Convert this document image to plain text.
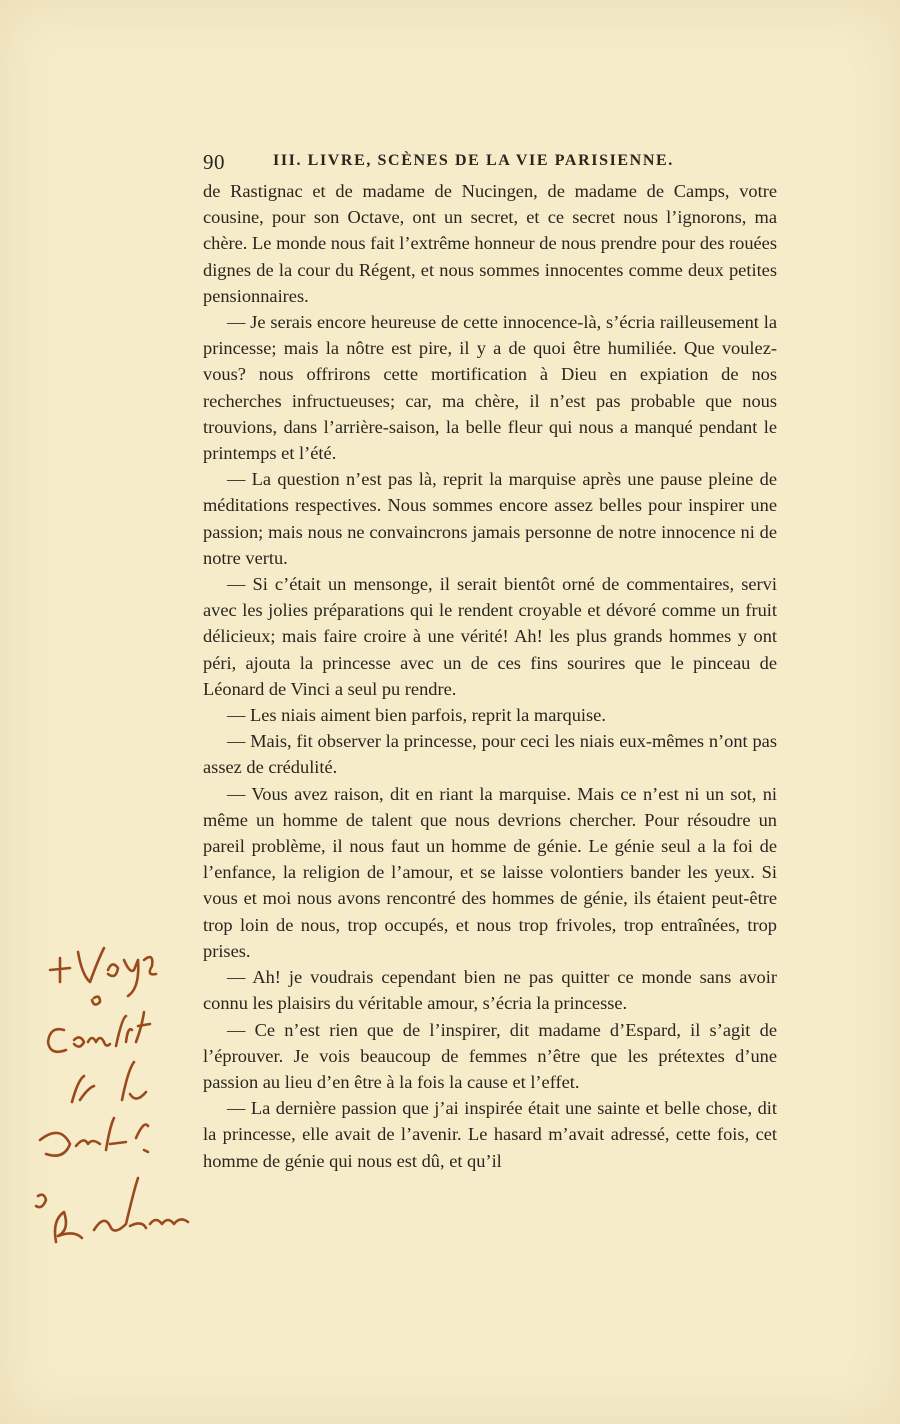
90	III. LIVRE, SCÈNES DE LA VIE PARISIENNE.

de Rastignac et de madame de Nucingen, de madame de Camps, votre cousine, pour son Octave, ont un secret, et ce secret nous l’ignorons, ma chère. Le monde nous fait l’extrême honneur de nous prendre pour des rouées dignes de la cour du Régent, et nous sommes innocentes comme deux petites pensionnaires.

— Je serais encore heureuse de cette innocence-là, s’écria railleusement la princesse; mais la nôtre est pire, il y a de quoi être humiliée. Que voulez-vous? nous offrirons cette mortification à Dieu en expiation de nos recherches infructueuses; car, ma chère, il n’est pas probable que nous trouvions, dans l’arrière-saison, la belle fleur qui nous a manqué pendant le printemps et l’été.

— La question n’est pas là, reprit la marquise après une pause pleine de méditations respectives. Nous sommes encore assez belles pour inspirer une passion; mais nous ne convaincrons jamais personne de notre innocence ni de notre vertu.

— Si c’était un mensonge, il serait bientôt orné de commentaires, servi avec les jolies préparations qui le rendent croyable et dévoré comme un fruit délicieux; mais faire croire à une vérité! Ah! les plus grands hommes y ont péri, ajouta la princesse avec un de ces fins sourires que le pinceau de Léonard de Vinci a seul pu rendre.

— Les niais aiment bien parfois, reprit la marquise.

— Mais, fit observer la princesse, pour ceci les niais eux-mêmes n’ont pas assez de crédulité.

— Vous avez raison, dit en riant la marquise. Mais ce n’est ni un sot, ni même un homme de talent que nous devrions chercher. Pour résoudre un pareil problème, il nous faut un homme de génie. Le génie seul a la foi de l’enfance, la religion de l’amour, et se laisse volontiers bander les yeux. Si vous et moi nous avons rencontré des hommes de génie, ils étaient peut-être trop loin de nous, trop occupés, et nous trop frivoles, trop entraînées, trop prises.

— Ah! je voudrais cependant bien ne pas quitter ce monde sans avoir connu les plaisirs du véritable amour, s’écria la princesse.

— Ce n’est rien que de l’inspirer, dit madame d’Espard, il s’agit de l’éprouver. Je vois beaucoup de femmes n’être que les prétextes d’une passion au lieu d’en être à la fois la cause et l’effet.

— La dernière passion que j’ai inspirée était une sainte et belle chose, dit la princesse, elle avait de l’avenir. Le hasard m’avait adressé, cette fois, cet homme de génie qui nous est dû, et qu’il
